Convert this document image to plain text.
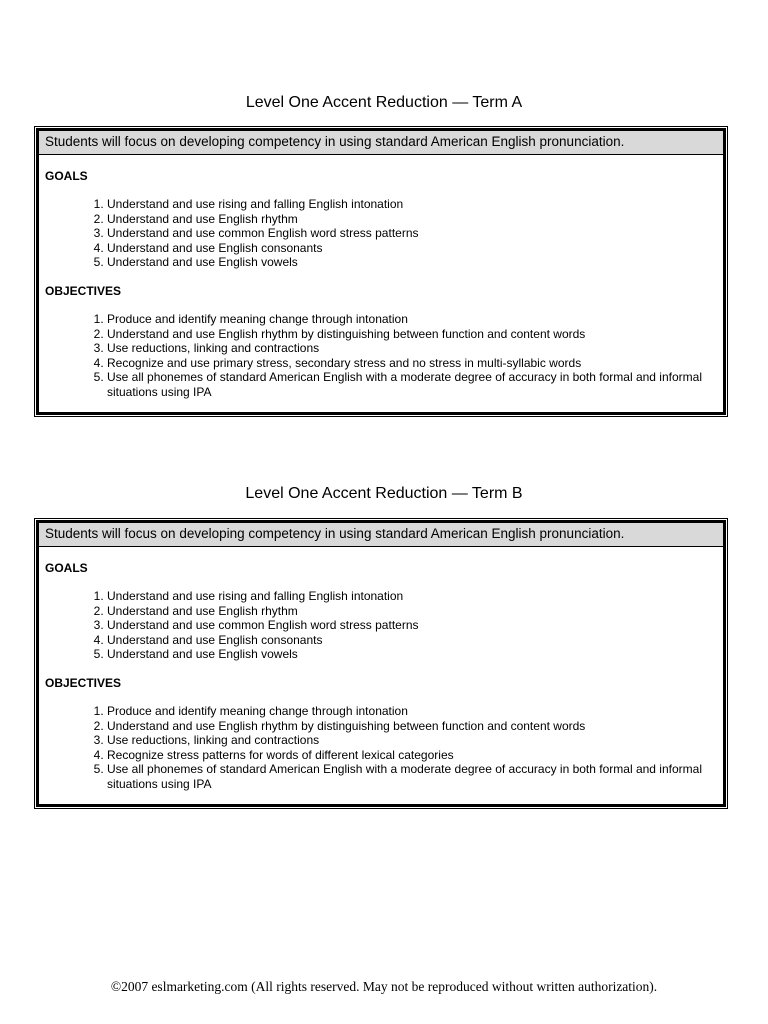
Level One Accent Reduction — Term A
Students will focus on developing competency in using standard American English pronunciation.
GOALS
1. Understand and use rising and falling English intonation
2. Understand and use English rhythm
3. Understand and use common English word stress patterns
4. Understand and use English consonants
5. Understand and use English vowels
OBJECTIVES
1. Produce and identify meaning change through intonation
2. Understand and use English rhythm by distinguishing between function and content words
3. Use reductions, linking and contractions
4. Recognize and use primary stress, secondary stress and no stress in multi-syllabic words
5. Use all phonemes of standard American English with a moderate degree of accuracy in both formal and informal situations using IPA
Level One Accent Reduction — Term B
Students will focus on developing competency in using standard American English pronunciation.
GOALS
1. Understand and use rising and falling English intonation
2. Understand and use English rhythm
3. Understand and use common English word stress patterns
4. Understand and use English consonants
5. Understand and use English vowels
OBJECTIVES
1. Produce and identify meaning change through intonation
2. Understand and use English rhythm by distinguishing between function and content words
3. Use reductions, linking and contractions
4. Recognize stress patterns for words of different lexical categories
5. Use all phonemes of standard American English with a moderate degree of accuracy in both formal and informal situations using IPA
©2007 eslmarketing.com (All rights reserved. May not be reproduced without written authorization).
